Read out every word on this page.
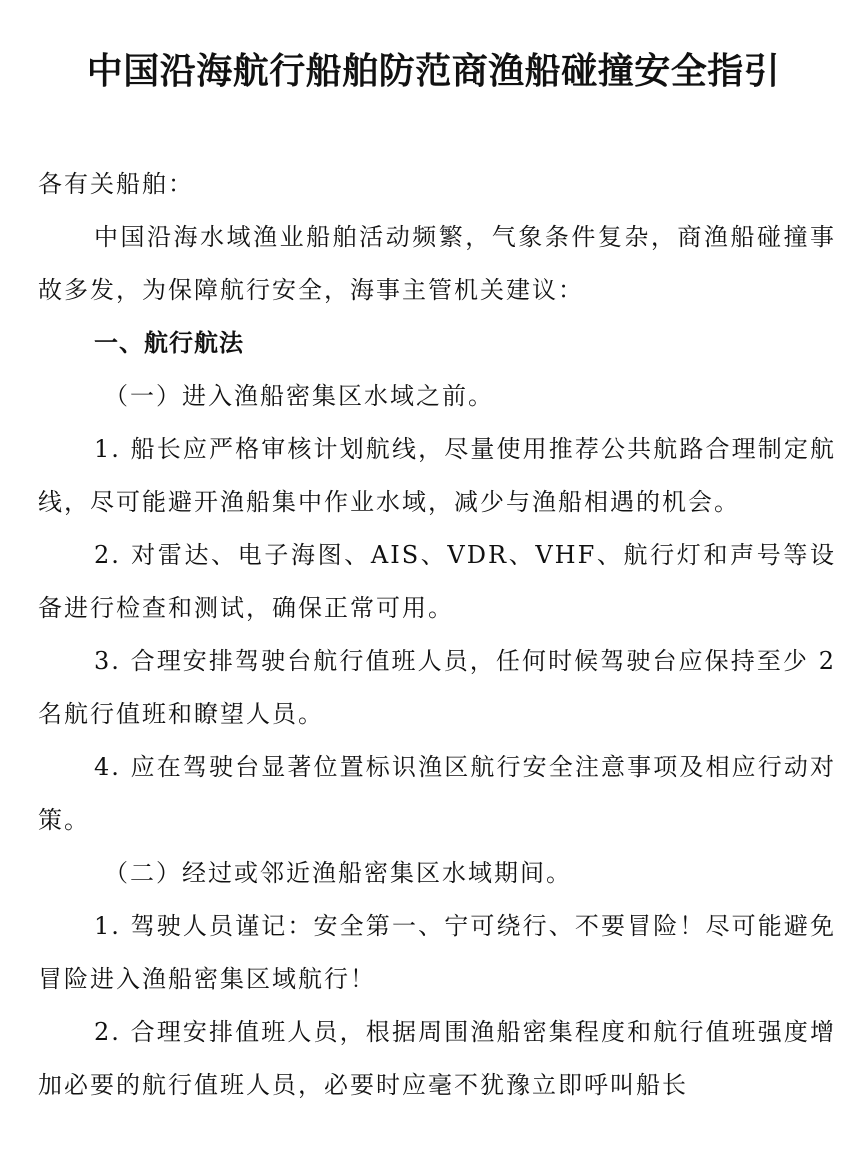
中国沿海航行船舶防范商渔船碰撞安全指引

各有关船舶：

中国沿海水域渔业船舶活动频繁，气象条件复杂，商渔船碰撞事故多发，为保障航行安全，海事主管机关建议：

一、航行航法

（一）进入渔船密集区水域之前。

1. 船长应严格审核计划航线，尽量使用推荐公共航路合理制定航线，尽可能避开渔船集中作业水域，减少与渔船相遇的机会。

2. 对雷达、电子海图、AIS、VDR、VHF、航行灯和声号等设备进行检查和测试，确保正常可用。

3. 合理安排驾驶台航行值班人员，任何时候驾驶台应保持至少 2 名航行值班和瞭望人员。

4. 应在驾驶台显著位置标识渔区航行安全注意事项及相应行动对策。

（二）经过或邻近渔船密集区水域期间。

1. 驾驶人员谨记：安全第一、宁可绕行、不要冒险！尽可能避免冒险进入渔船密集区域航行！

2. 合理安排值班人员，根据周围渔船密集程度和航行值班强度增加必要的航行值班人员，必要时应毫不犹豫立即呼叫船长
